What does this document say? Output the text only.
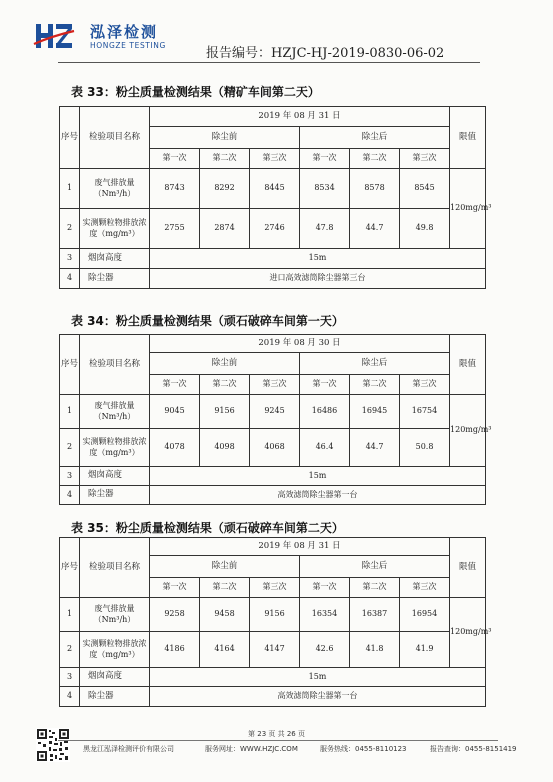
泓泽检测
HONGZE TESTING
报告编号：HZJC-HJ-2019-0830-06-02
表 33：粉尘质量检测结果（精矿车间第二天）
序号	检验项目名称	2019 年 08 月 31 日						限值
		除尘前			除尘后			
		第一次	第二次	第三次	第一次	第二次	第三次	
1	废气排放量（Nm³/h）	8743	8292	8445	8534	8578	8545	120mg/m³
2	实测颗粒物排放浓度（mg/m³）	2755	2874	2746	47.8	44.7	49.8	
3	烟囱高度	15m						
4	除尘器	进口高效滤筒除尘器第三台						
表 34：粉尘质量检测结果（顽石破碎车间第一天）
序号	检验项目名称	2019 年 08 月 30 日						限值
		除尘前			除尘后			
		第一次	第二次	第三次	第一次	第二次	第三次	
1	废气排放量（Nm³/h）	9045	9156	9245	16486	16945	16754	120mg/m³
2	实测颗粒物排放浓度（mg/m³）	4078	4098	4068	46.4	44.7	50.8	
3	烟囱高度	15m						
4	除尘器	高效滤筒除尘器第一台						
表 35：粉尘质量检测结果（顽石破碎车间第二天）
序号	检验项目名称	2019 年 08 月 31 日						限值
		除尘前			除尘后			
		第一次	第二次	第三次	第一次	第二次	第三次	
1	废气排放量（Nm³/h）	9258	9458	9156	16354	16387	16954	120mg/m³
2	实测颗粒物排放浓度（mg/m³）	4186	4164	4147	42.6	41.8	41.9	
3	烟囱高度	15m						
4	除尘器	高效滤筒除尘器第一台						
第 23 页 共 26 页
黑龙江泓泽检测评价有限公司	服务网址：WWW.HZJC.COM	服务热线：0455-8110123	报告查询：0455-8151419
